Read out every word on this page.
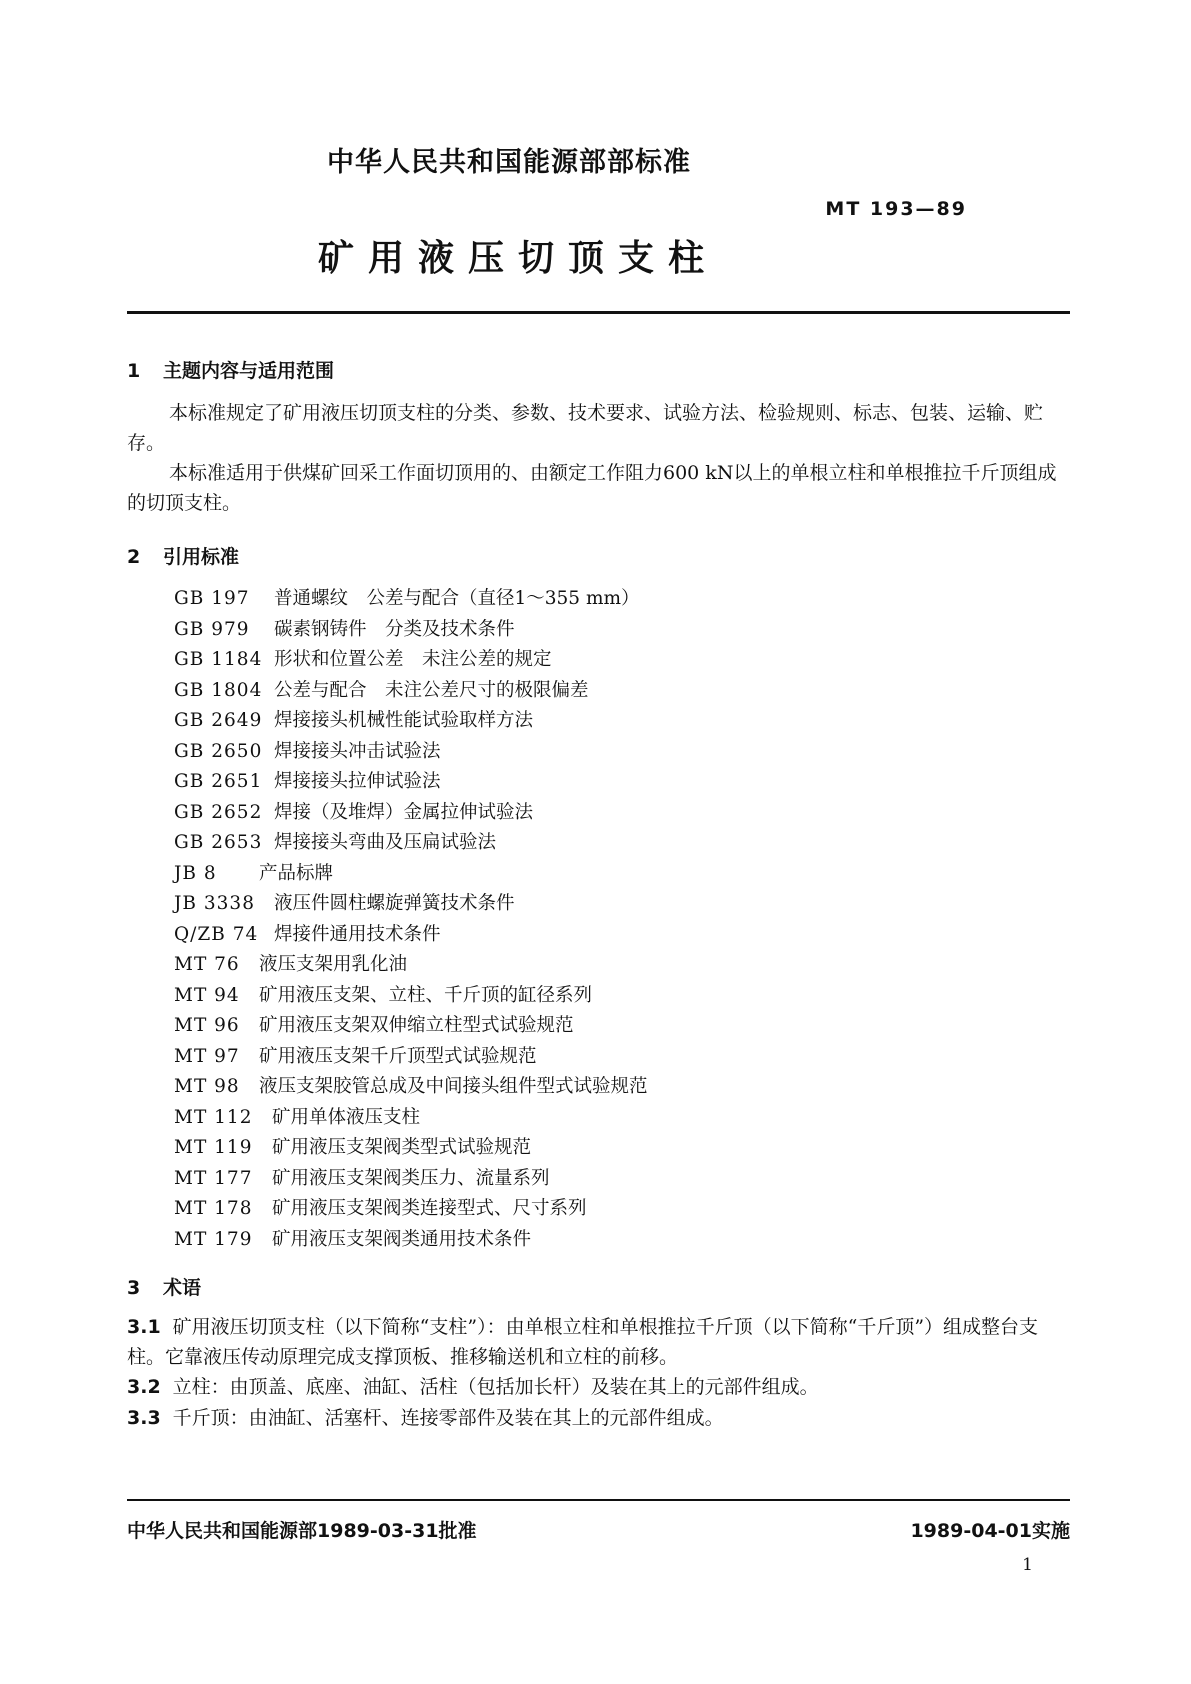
中华人民共和国能源部部标准
MT 193—89
矿用液压切顶支柱
1 主题内容与适用范围

本标准规定了矿用液压切顶支柱的分类、参数、技术要求、试验方法、检验规则、标志、包装、运输、贮存。

本标准适用于供煤矿回采工作面切顶用的、由额定工作阻力600 kN以上的单根立柱和单根推拉千斤顶组成的切顶支柱。

2 引用标准
GB 197	普通螺纹　公差与配合（直径1～355 mm）
GB 979	碳素钢铸件　分类及技术条件
GB 1184 形状和位置公差　未注公差的规定
GB 1804 公差与配合　未注公差尺寸的极限偏差
GB 2649 焊接接头机械性能试验取样方法
GB 2650 焊接接头冲击试验法
GB 2651 焊接接头拉伸试验法
GB 2652 焊接（及堆焊）金属拉伸试验法
GB 2653 焊接接头弯曲及压扁试验法
JB 8	产品标牌
JB 3338	液压件圆柱螺旋弹簧技术条件
Q/ZB 74 焊接件通用技术条件
MT 76	液压支架用乳化油
MT 94	矿用液压支架、立柱、千斤顶的缸径系列
MT 96	矿用液压支架双伸缩立柱型式试验规范
MT 97	矿用液压支架千斤顶型式试验规范
MT 98	液压支架胶管总成及中间接头组件型式试验规范
MT 112	矿用单体液压支柱
MT 119	矿用液压支架阀类型式试验规范
MT 177	矿用液压支架阀类压力、流量系列
MT 178	矿用液压支架阀类连接型式、尺寸系列
MT 179	矿用液压支架阀类通用技术条件
3 术语
3.1 矿用液压切顶支柱（以下简称“支柱”）：由单根立柱和单根推拉千斤顶（以下简称“千斤顶”）组成整台支柱。它靠液压传动原理完成支撑顶板、推移输送机和立柱的前移。
3.2 立柱：由顶盖、底座、油缸、活柱（包括加长杆）及装在其上的元部件组成。
3.3 千斤顶：由油缸、活塞杆、连接零部件及装在其上的元部件组成。
中华人民共和国能源部1989-03-31批准	1989-04-01实施
1
